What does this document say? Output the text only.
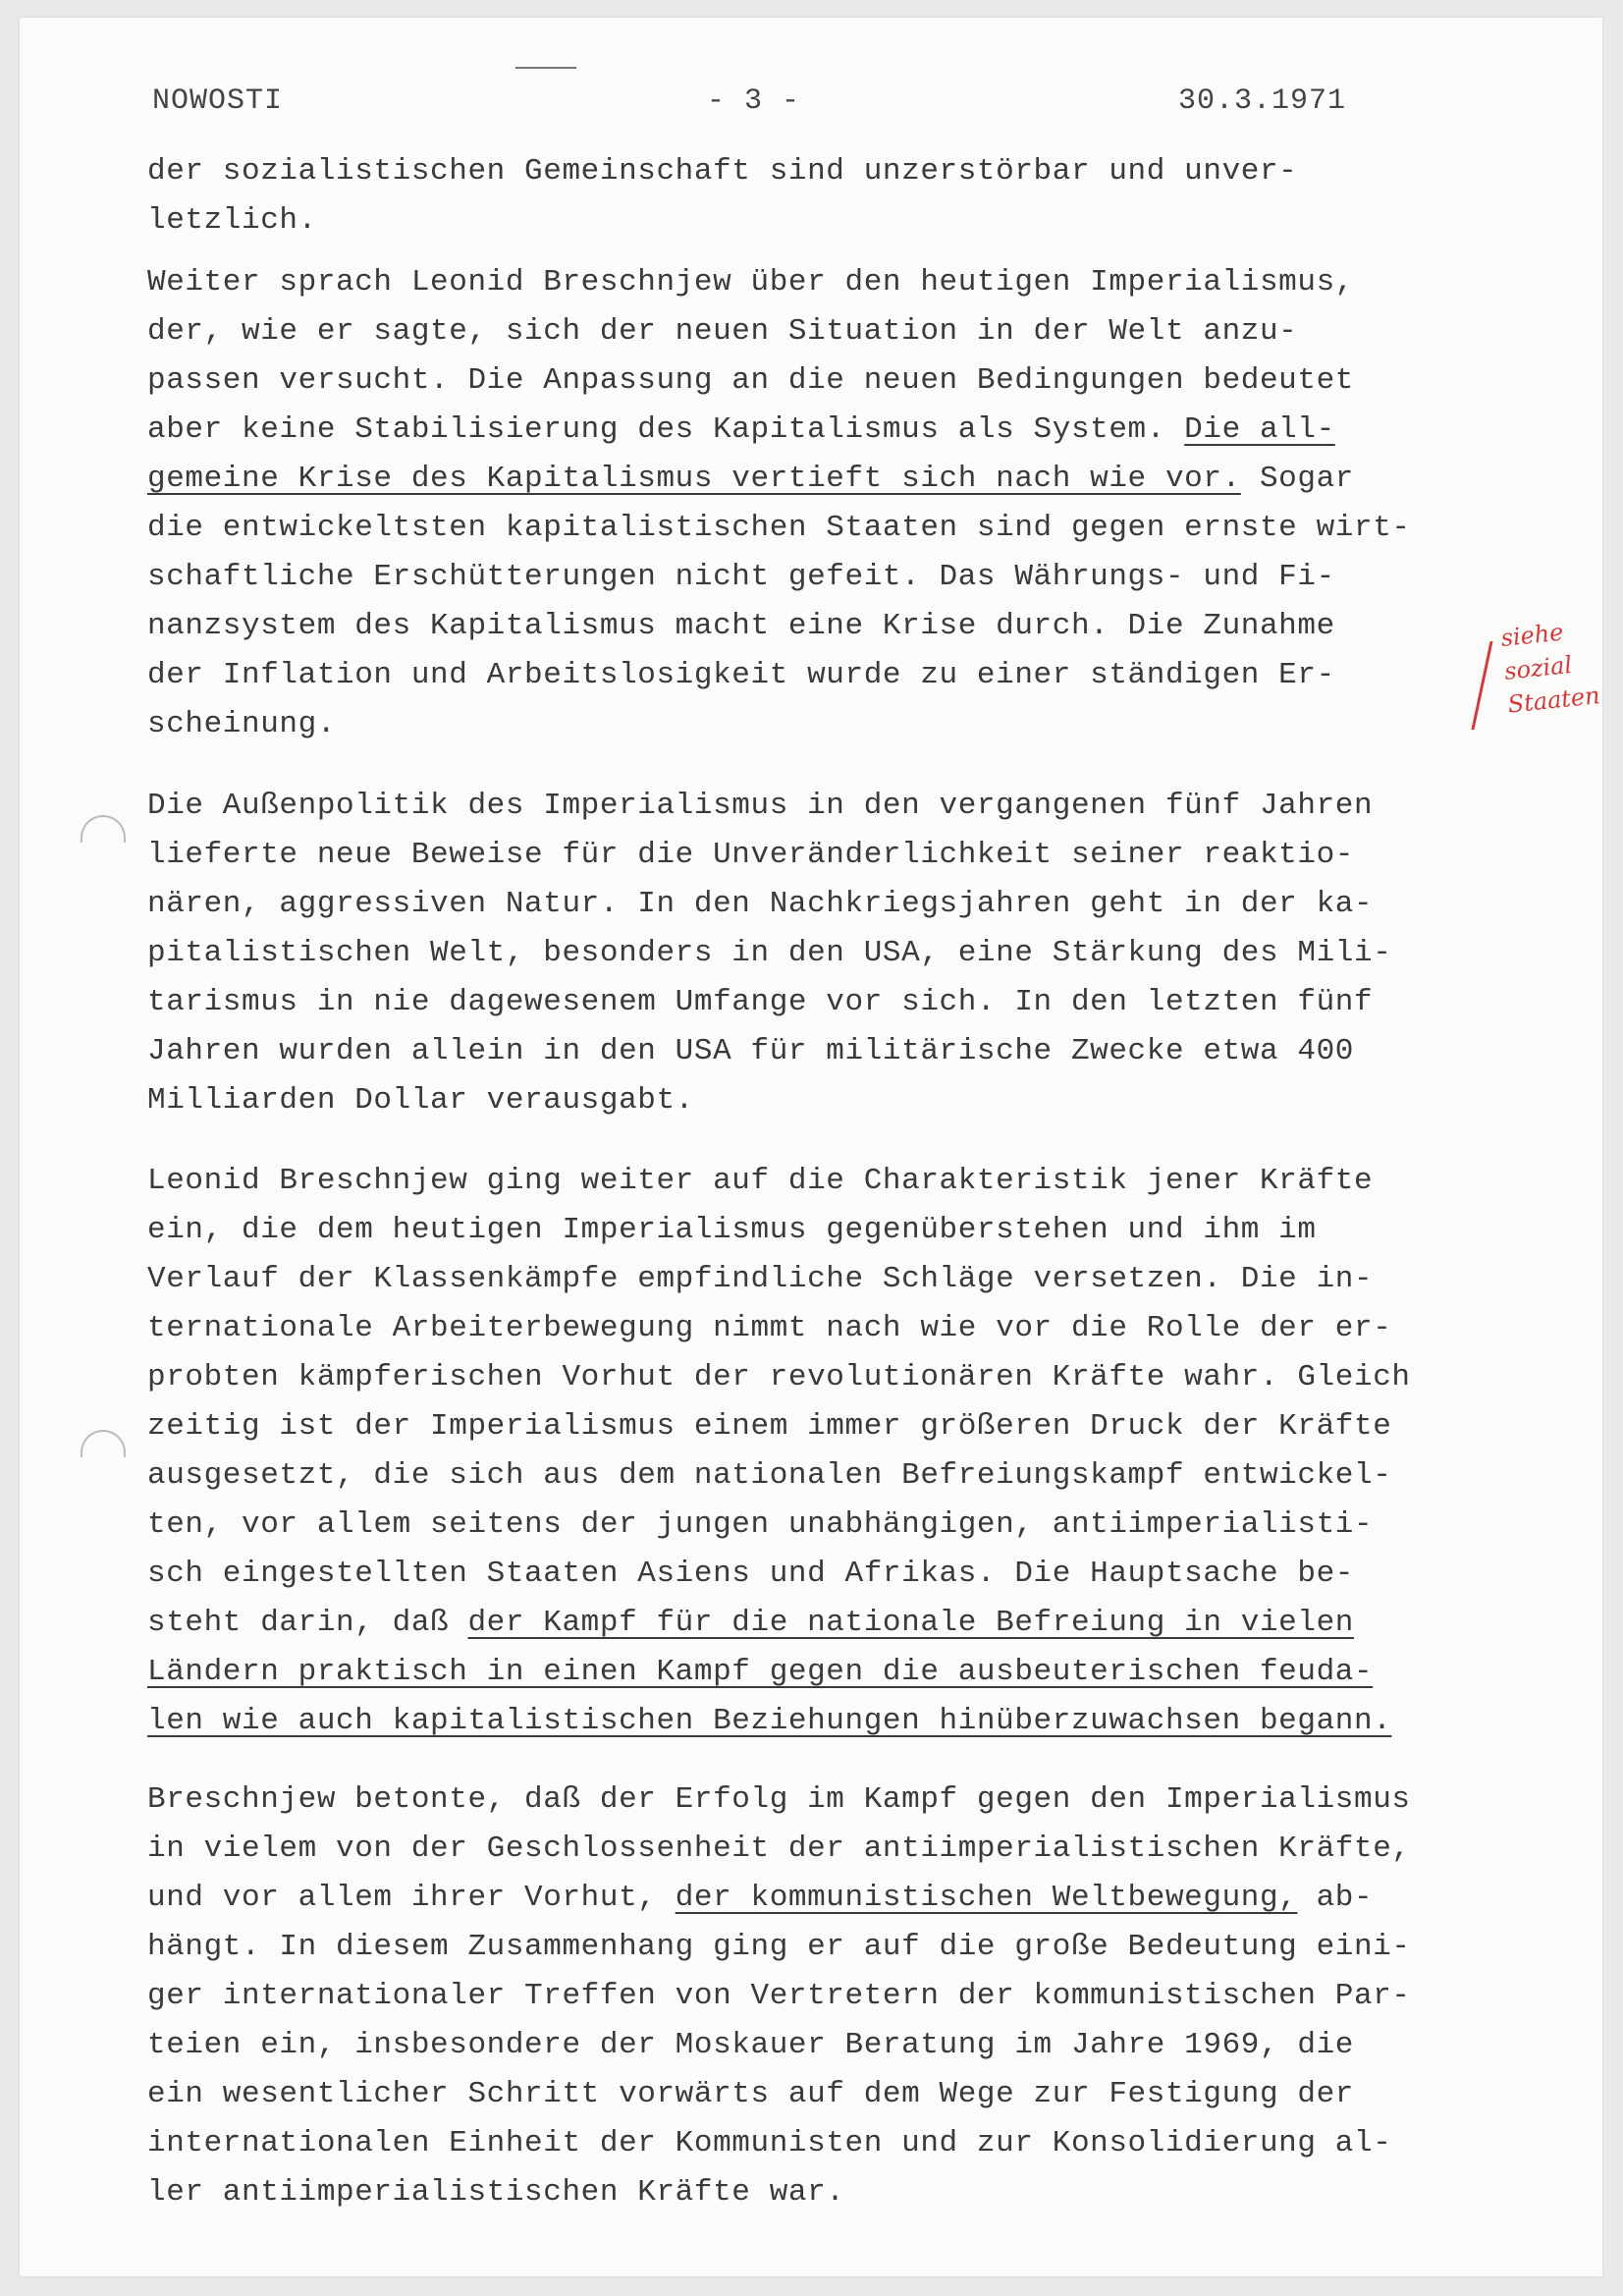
NOWOSTI	- 3 -	30.3.1971
der sozialistischen Gemeinschaft sind unzerstörbar und unver-
letzlich.
Weiter sprach Leonid Breschnjew über den heutigen Imperialismus,
der, wie er sagte, sich der neuen Situation in der Welt anzu-
passen versucht. Die Anpassung an die neuen Bedingungen bedeutet
aber keine Stabilisierung des Kapitalismus als System. Die all-
gemeine Krise des Kapitalismus vertieft sich nach wie vor. Sogar
die entwickeltsten kapitalistischen Staaten sind gegen ernste wirt-
schaftliche Erschütterungen nicht gefeit. Das Währungs- und Fi-
nanzsystem des Kapitalismus macht eine Krise durch. Die Zunahme
der Inflation und Arbeitslosigkeit wurde zu einer ständigen Er-
scheinung.
Die Außenpolitik des Imperialismus in den vergangenen fünf Jahren
lieferte neue Beweise für die Unveränderlichkeit seiner reaktio-
nären, aggressiven Natur. In den Nachkriegsjahren geht in der ka-
pitalistischen Welt, besonders in den USA, eine Stärkung des Mili-
tarismus in nie dagewesenem Umfange vor sich. In den letzten fünf
Jahren wurden allein in den USA für militärische Zwecke etwa 400
Milliarden Dollar verausgabt.
Leonid Breschnjew ging weiter auf die Charakteristik jener Kräfte
ein, die dem heutigen Imperialismus gegenüberstehen und ihm im
Verlauf der Klassenkämpfe empfindliche Schläge versetzen. Die in-
ternationale Arbeiterbewegung nimmt nach wie vor die Rolle der er-
probten kämpferischen Vorhut der revolutionären Kräfte wahr. Gleich
zeitig ist der Imperialismus einem immer größeren Druck der Kräfte
ausgesetzt, die sich aus dem nationalen Befreiungskampf entwickel-
ten, vor allem seitens der jungen unabhängigen, antiimperialisti-
sch eingestellten Staaten Asiens und Afrikas. Die Hauptsache be-
steht darin, daß der Kampf für die nationale Befreiung in vielen
Ländern praktisch in einen Kampf gegen die ausbeuterischen feuda-
len wie auch kapitalistischen Beziehungen hinüberzuwachsen begann.
Breschnjew betonte, daß der Erfolg im Kampf gegen den Imperialismus
in vielem von der Geschlossenheit der antiimperialistischen Kräfte,
und vor allem ihrer Vorhut, der kommunistischen Weltbewegung, ab-
hängt. In diesem Zusammenhang ging er auf die große Bedeutung eini-
ger internationaler Treffen von Vertretern der kommunistischen Par-
teien ein, insbesondere der Moskauer Beratung im Jahre 1969, die
ein wesentlicher Schritt vorwärts auf dem Wege zur Festigung der
internationalen Einheit der Kommunisten und zur Konsolidierung al-
ler antiimperialistischen Kräfte war.
siehe
sozial
Staaten
